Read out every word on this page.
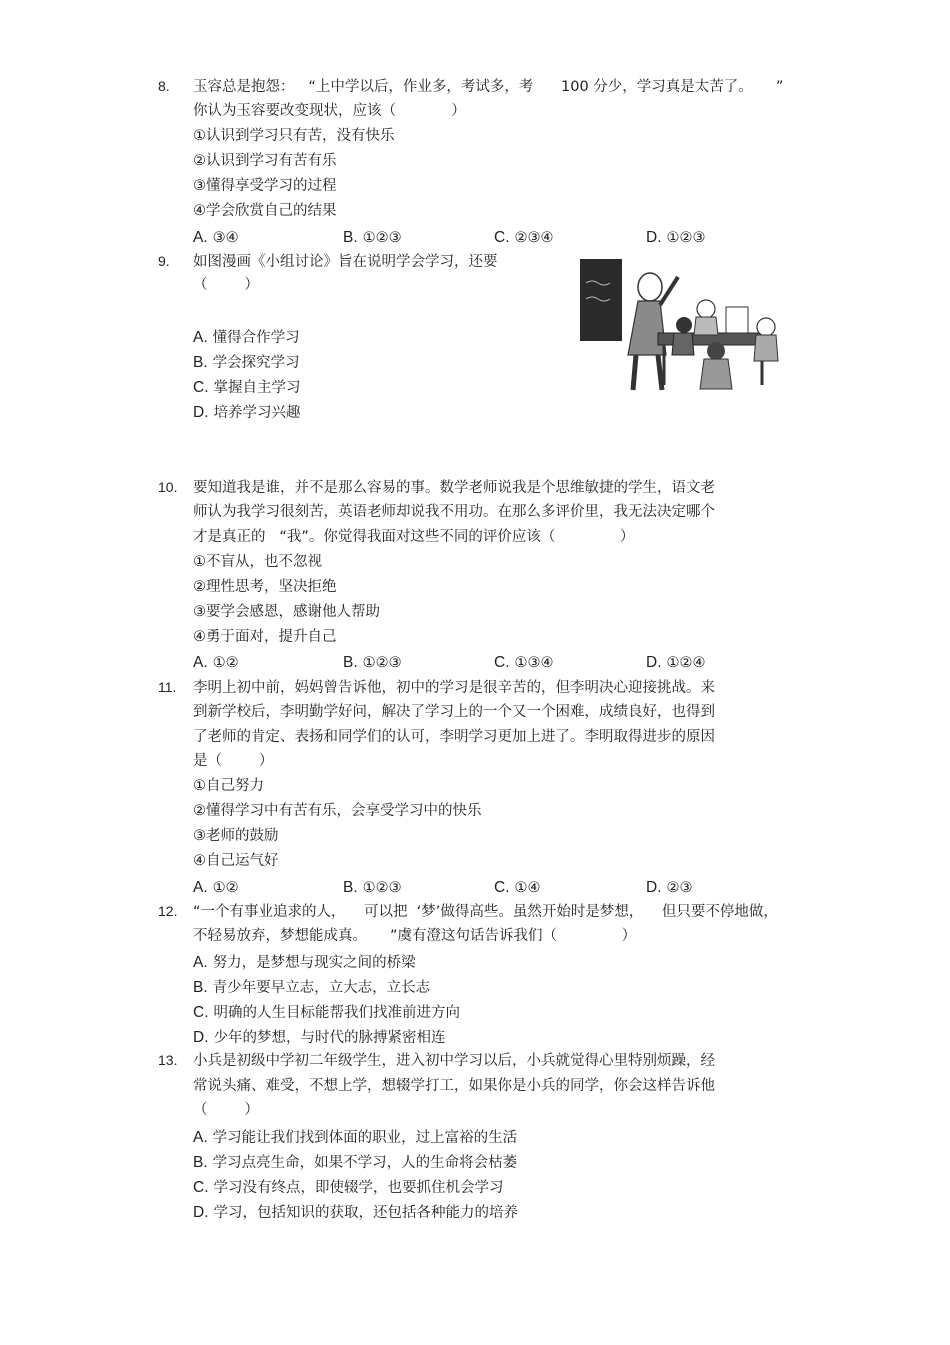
8. 玉容总是抱怨：   “上中学以后，作业多，考试多，考      100 分少，学习真是太苦了。     ”
你认为玉容要改变现状，应该（            ）
①认识到学习只有苦，没有快乐
②认识到学习有苦有乐
③懂得享受学习的过程
④学会欣赏自己的结果
A. ③④	B. ①②③	C. ②③④	D. ①②③
9. 如图漫画《小组讨论》旨在说明学会学习，还要
（        ）
A. 懂得合作学习
B. 学会探究学习
C. 掌握自主学习
D. 培养学习兴趣
10. 要知道我是谁，并不是那么容易的事。数学老师说我是个思维敏捷的学生，语文老
师认为我学习很刻苦，英语老师却说我不用功。在那么多评价里，我无法决定哪个
才是真正的   “我”。你觉得我面对这些不同的评价应该（              ）
①不盲从，也不忽视
②理性思考，坚决拒绝
③要学会感恩，感谢他人帮助
④勇于面对，提升自己
A. ①②	B. ①②③	C. ①③④	D. ①②④
11. 李明上初中前，妈妈曾告诉他，初中的学习是很辛苦的，但李明决心迎接挑战。来
到新学校后，李明勤学好问，解决了学习上的一个又一个困难，成绩良好，也得到
了老师的肯定、表扬和同学们的认可，李明学习更加上进了。李明取得进步的原因
是（        ）
①自己努力
②懂得学习中有苦有乐，会享受学习中的快乐
③老师的鼓励
④自己运气好
A. ①②	B. ①②③	C. ①④	D. ②③
12. “一个有事业追求的人，    可以把  ‘梦’做得高些。虽然开始时是梦想，    但只要不停地做，
不轻易放弃，梦想能成真。     ”虞有澄这句话告诉我们（              ）
A. 努力，是梦想与现实之间的桥梁
B. 青少年要早立志，立大志，立长志
C. 明确的人生目标能帮我们找准前进方向
D. 少年的梦想，与时代的脉搏紧密相连
13. 小兵是初级中学初二年级学生，进入初中学习以后，小兵就觉得心里特别烦躁，经
常说头痛、难受，不想上学，想辍学打工，如果你是小兵的同学，你会这样告诉他
（        ）
A. 学习能让我们找到体面的职业，过上富裕的生活
B. 学习点亮生命，如果不学习，人的生命将会枯萎
C. 学习没有终点，即使辍学，也要抓住机会学习
D. 学习，包括知识的获取，还包括各种能力的培养
